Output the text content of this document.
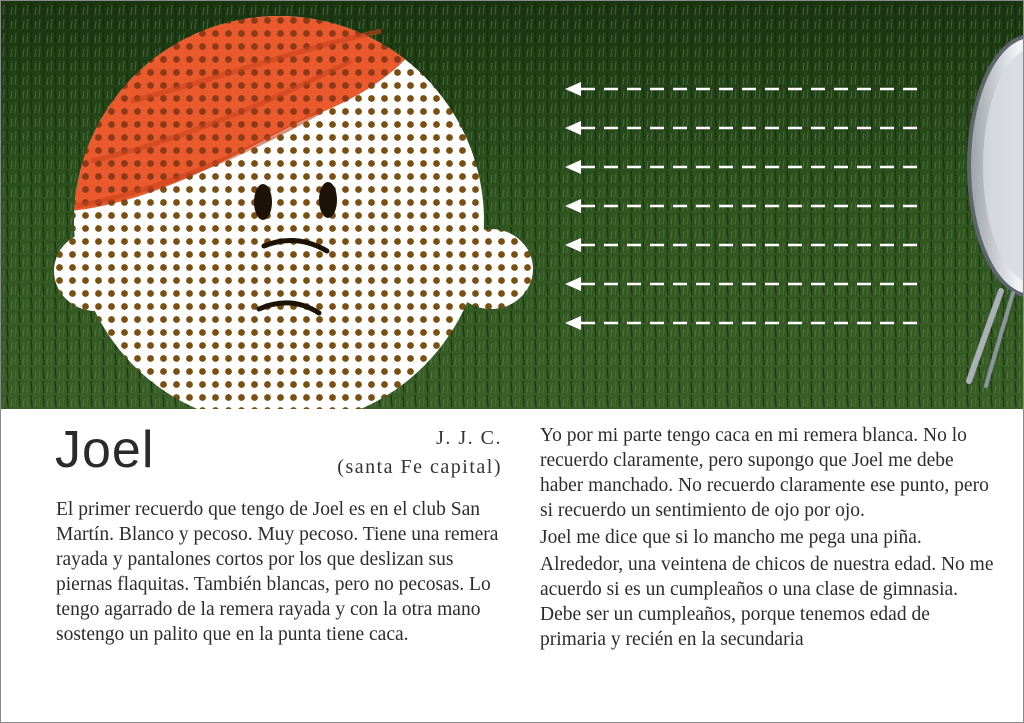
Joel	J. J. C.
(santa Fe capital)

El primer recuerdo que tengo de Joel es en el club San Martín. Blanco y pecoso. Muy pecoso. Tiene una remera rayada y pantalones cortos por los que deslizan sus piernas flaquitas. También blancas, pero no pecosas. Lo tengo agarrado de la remera rayada y con la otra mano sostengo un palito que en la punta tiene caca.

Yo por mi parte tengo caca en mi remera blanca. No lo recuerdo claramente, pero supongo que Joel me debe haber manchado. No recuerdo claramente ese punto, pero si recuerdo un sentimiento de ojo por ojo.

Joel me dice que si lo mancho me pega una piña.

Alrededor, una veintena de chicos de nuestra edad. No me acuerdo si es un cumpleaños o una clase de gimnasia. Debe ser un cumpleaños, porque tenemos edad de primaria y recién en la secundaria
